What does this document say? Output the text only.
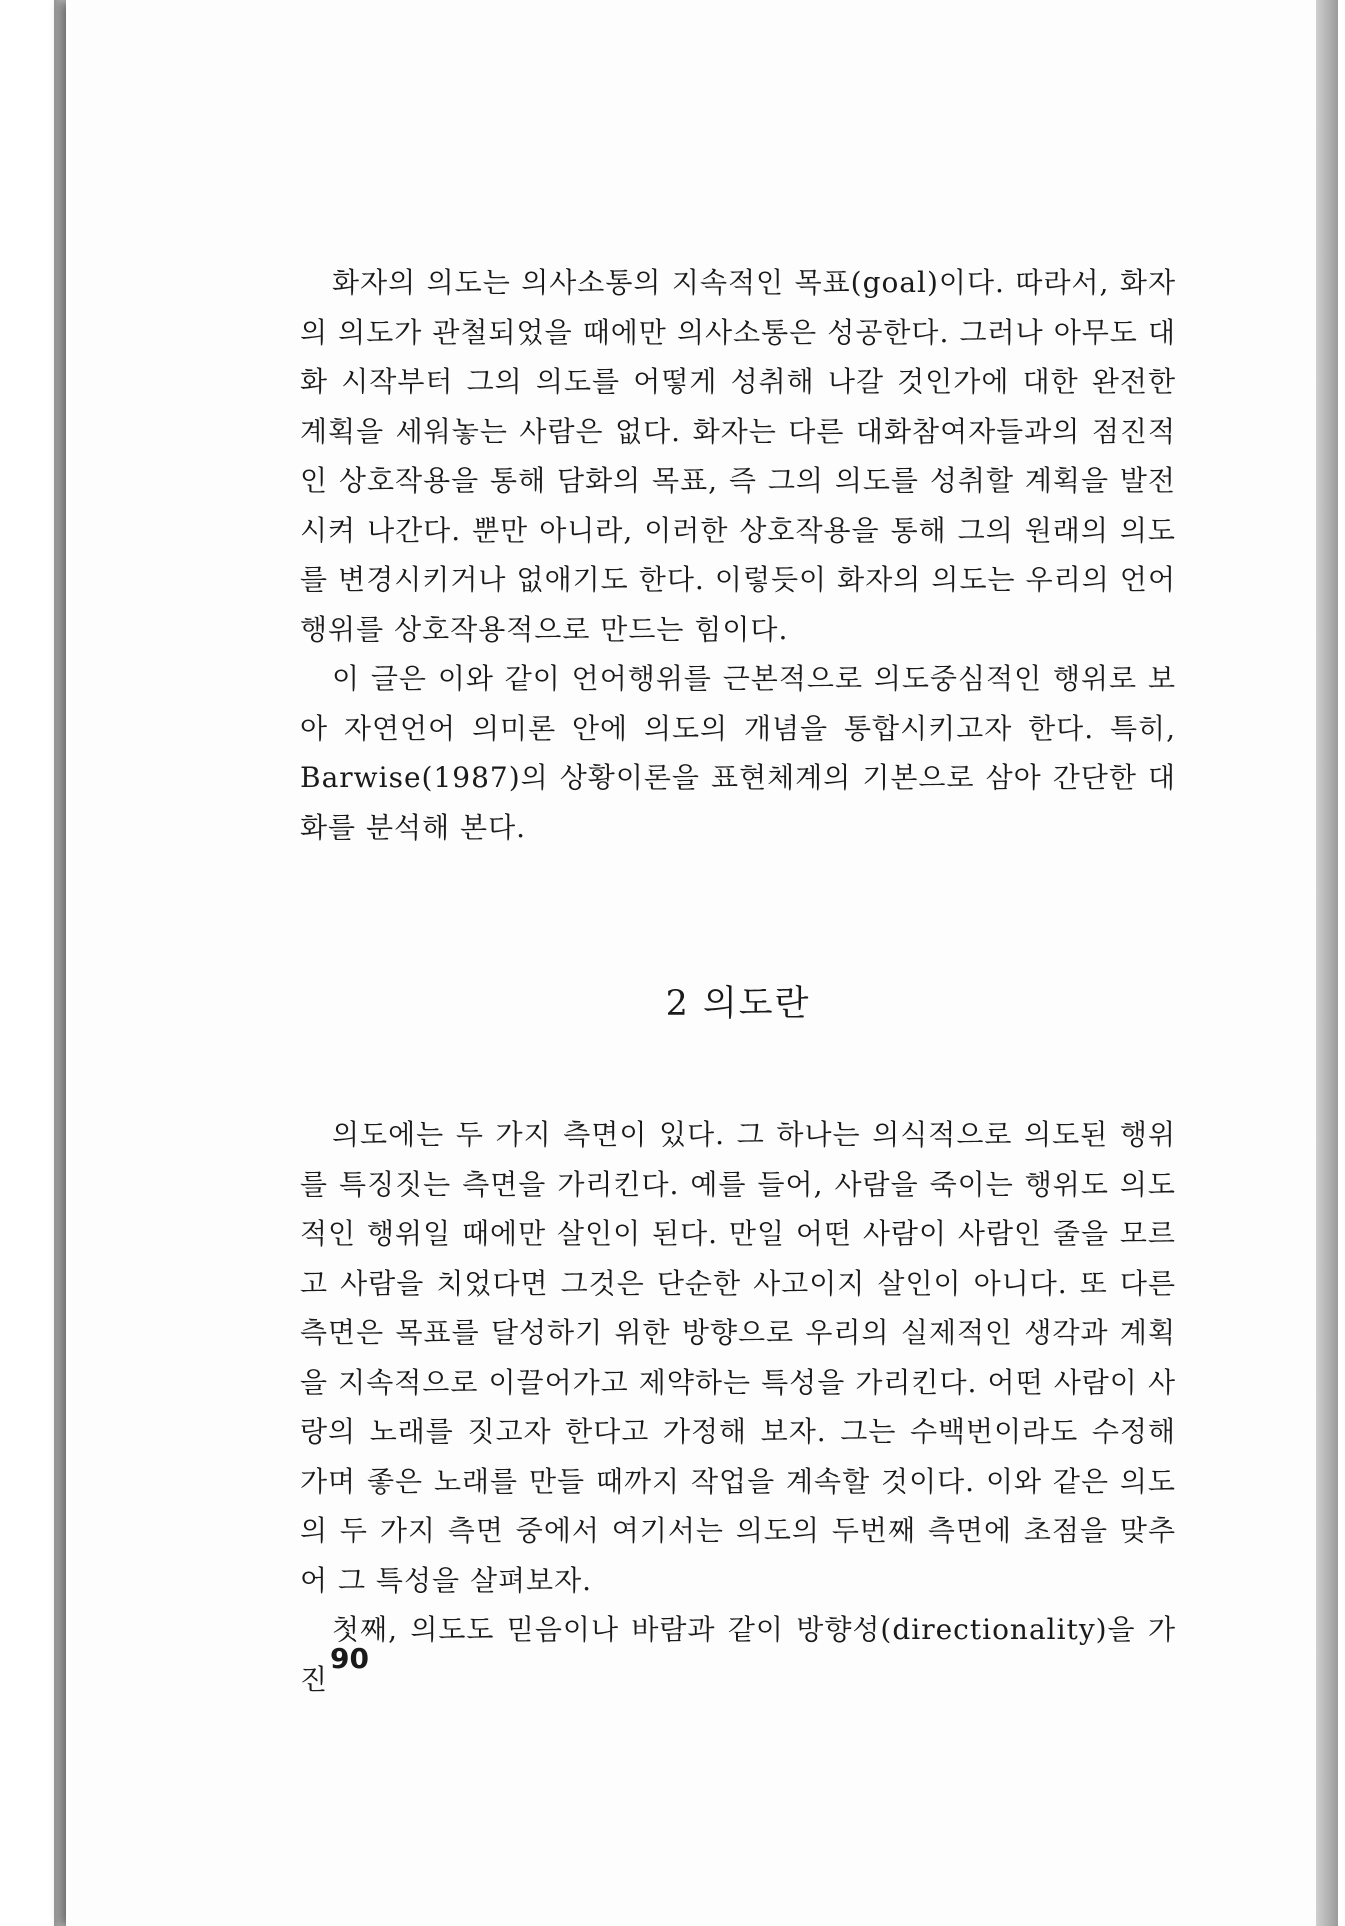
화자의 의도는 의사소통의 지속적인 목표(goal)이다. 따라서, 화자의 의도가 관철되었을 때에만 의사소통은 성공한다. 그러나 아무도 대화 시작부터 그의 의도를 어떻게 성취해 나갈 것인가에 대한 완전한 계획을 세워놓는 사람은 없다. 화자는 다른 대화참여자들과의 점진적인 상호작용을 통해 담화의 목표, 즉 그의 의도를 성취할 계획을 발전시켜 나간다. 뿐만 아니라, 이러한 상호작용을 통해 그의 원래의 의도를 변경시키거나 없애기도 한다. 이렇듯이 화자의 의도는 우리의 언어행위를 상호작용적으로 만드는 힘이다.

이 글은 이와 같이 언어행위를 근본적으로 의도중심적인 행위로 보아 자연언어 의미론 안에 의도의 개념을 통합시키고자 한다. 특히, Barwise(1987)의 상황이론을 표현체계의 기본으로 삼아 간단한 대화를 분석해 본다.

2 의도란

의도에는 두 가지 측면이 있다. 그 하나는 의식적으로 의도된 행위를 특징짓는 측면을 가리킨다. 예를 들어, 사람을 죽이는 행위도 의도적인 행위일 때에만 살인이 된다. 만일 어떤 사람이 사람인 줄을 모르고 사람을 치었다면 그것은 단순한 사고이지 살인이 아니다. 또 다른 측면은 목표를 달성하기 위한 방향으로 우리의 실제적인 생각과 계획을 지속적으로 이끌어가고 제약하는 특성을 가리킨다. 어떤 사람이 사랑의 노래를 짓고자 한다고 가정해 보자. 그는 수백번이라도 수정해 가며 좋은 노래를 만들 때까지 작업을 계속할 것이다. 이와 같은 의도의 두 가지 측면 중에서 여기서는 의도의 두번째 측면에 초점을 맞추어 그 특성을 살펴보자.

첫째, 의도도 믿음이나 바람과 같이 방향성(directionality)을 가진

90
